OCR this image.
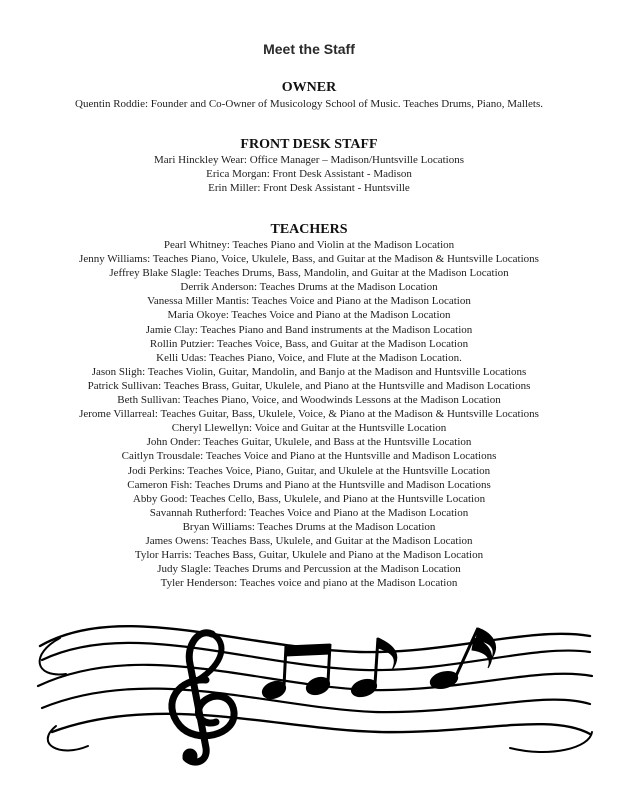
Meet the Staff
OWNER
Quentin Roddie: Founder and Co-Owner of Musicology School of Music. Teaches Drums, Piano, Mallets.
FRONT DESK STAFF
Mari Hinckley Wear: Office Manager – Madison/Huntsville Locations
Erica Morgan: Front Desk Assistant - Madison
Erin Miller: Front Desk Assistant - Huntsville
TEACHERS
Pearl Whitney: Teaches Piano and Violin at the Madison Location
Jenny Williams: Teaches Piano, Voice, Ukulele, Bass, and Guitar at the Madison & Huntsville Locations
Jeffrey Blake Slagle: Teaches Drums, Bass, Mandolin, and Guitar at the Madison Location
Derrik Anderson: Teaches Drums at the Madison Location
Vanessa Miller Mantis: Teaches Voice and Piano at the Madison Location
Maria Okoye: Teaches Voice and Piano at the Madison Location
Jamie Clay: Teaches Piano and Band instruments at the Madison Location
Rollin Putzier: Teaches Voice, Bass, and Guitar at the Madison Location
Kelli Udas: Teaches Piano, Voice, and Flute at the Madison Location.
Jason Sligh: Teaches Violin, Guitar, Mandolin, and Banjo at the Madison and Huntsville Locations
Patrick Sullivan: Teaches Brass, Guitar, Ukulele, and Piano at the Huntsville and Madison Locations
Beth Sullivan: Teaches Piano, Voice, and Woodwinds Lessons at the Madison Location
Jerome Villarreal: Teaches Guitar, Bass, Ukulele, Voice, & Piano at the Madison & Huntsville Locations
Cheryl Llewellyn: Voice and Guitar at the Huntsville Location
John Onder: Teaches Guitar, Ukulele, and Bass at the Huntsville Location
Caitlyn Trousdale: Teaches Voice and Piano at the Huntsville and Madison Locations
Jodi Perkins: Teaches Voice, Piano, Guitar, and Ukulele at the Huntsville Location
Cameron Fish: Teaches Drums and Piano at the Huntsville and Madison Locations
Abby Good: Teaches Cello, Bass, Ukulele, and Piano at the Huntsville Location
Savannah Rutherford: Teaches Voice and Piano at the Madison Location
Bryan Williams: Teaches Drums at the Madison Location
James Owens: Teaches Bass, Ukulele, and Guitar at the Madison Location
Tylor Harris: Teaches Bass, Guitar, Ukulele and Piano at the Madison Location
Judy Slagle: Teaches Drums and Percussion at the Madison Location
Tyler Henderson: Teaches voice and piano at the Madison Location
